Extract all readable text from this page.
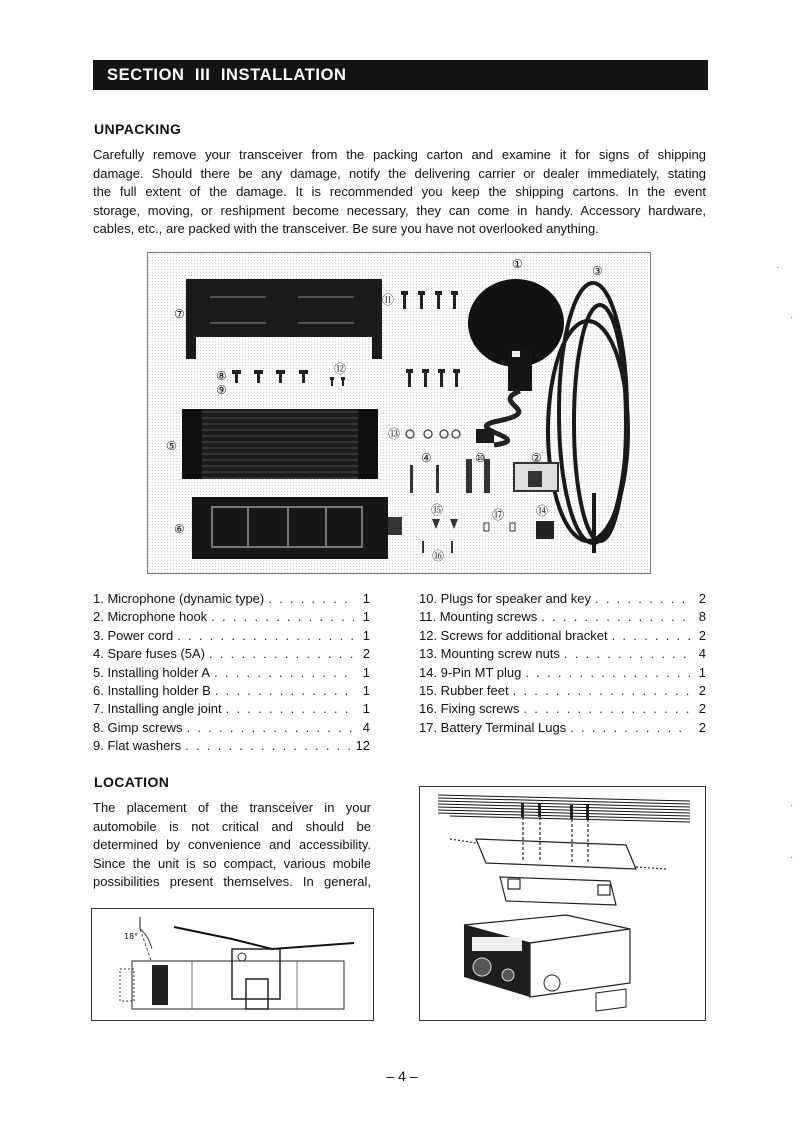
SECTION  III  INSTALLATION
UNPACKING

Carefully remove your transceiver from the packing carton and examine it for signs of shipping

damage. Should there be any damage, notify the delivering carrier or dealer immediately, stating

the full extent of the damage. It is recommended you keep the shipping cartons. In the event

storage, moving, or reshipment become necessary, they can come in handy. Accessory hardware,

cables, etc., are packed with the transceiver. Be sure you have not overlooked anything.

①
②
③
④
⑤
⑥
⑦
⑧
⑨
⑩
⑪
⑫
⑬
⑭
⑮
⑯
⑰
1. Microphone (dynamic type) . . .	1
2. Microphone hook . . .	1
3. Power cord . . .	1
4. Spare fuses (5A) . . .	2
5. Installing holder A . . .	1
6. Installing holder B . . .	1
7. Installing angle joint . . .	1
8. Gimp screws . . .	4
9. Flat washers . . .	12
10. Plugs for speaker and key . . .	2
11. Mounting screws . . .	8
12. Screws for additional bracket . . .	2
13. Mounting screw nuts . . .	4
14. 9-Pin MT plug . . .	1
15. Rubber feet . . .	2
16. Fixing screws . . .	2
17. Battery Terminal Lugs . . .	2
LOCATION

The placement of the transceiver in your

automobile is not critical and should be

determined by convenience and accessibility.

Since the unit is so compact, various mobile

possibilities present themselves. In general,

18°
·
·
·
·
– 4 –
